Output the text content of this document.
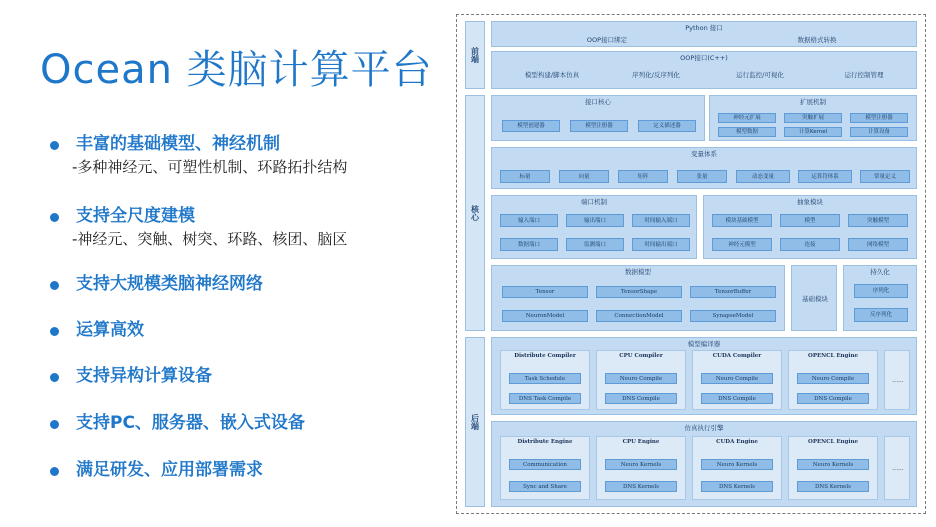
Ocean 类脑计算平台
丰富的基础模型、神经机制
-多种神经元、可塑性机制、环路拓扑结构
支持全尺度建模
-神经元、突触、树突、环路、核团、脑区
支持大规模类脑神经网络
运算高效
支持异构计算设备
支持PC、服务器、嵌入式设备
满足研发、应用部署需求
前端
核心
后端
Python 接口
OOP接口绑定	数据格式转换
OOP接口(C++)
模型构建/脚本仿真	序列化/反序列化	运行监控/可视化	运行控制管理
接口核心
模型创建器	模型注册器	定义描述器
扩展机制
神经元扩展	突触扩展	模型注册器
模型数据	计算Kernel	计算设备
变量体系
标量	向量	矩阵	张量	动态变量	运算符体系	常量定义
端口机制
输入端口	输出端口	时间输入端口
数据端口	监测端口	时间输出端口
抽象模块
模块基础模型	模型	突触模型
神经元模型	连接	网络模型
数据模型
Tensor	TensorShape	TensorBuffer
NeuronModel	ConnectionModel	SynapseModel
基础模块
持久化
序列化
反序列化
模型编译器
Distribute Compiler
Task Schedule
DNS Task Compile
CPU Compiler
Neuro Compile
DNS Compile
CUDA Compiler
Neuro Compile
DNS Compile
OPENCL Engine
Neuro Compile
DNS Compile
......
仿真执行引擎
Distribute Engine
Communication
Sync and Share
CPU Engine
Neuro Kernels
DNS Kernels
CUDA Engine
Neuro Kernels
DNS Kernels
OPENCL Engine
Neuro Kernels
DNS Kernels
......
